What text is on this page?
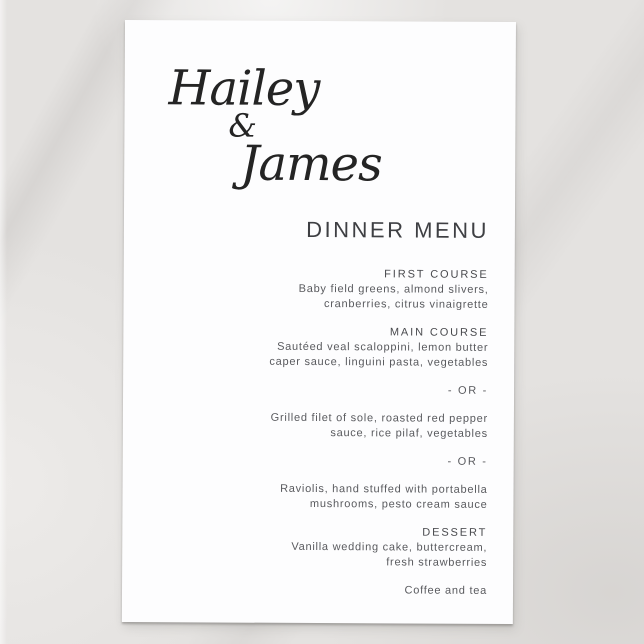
Hailey
&
James
DINNER MENU
FIRST COURSE
Baby field greens, almond slivers,
cranberries, citrus vinaigrette
MAIN COURSE
Sautéed veal scaloppini, lemon butter
caper sauce, linguini pasta, vegetables
- OR -
Grilled filet of sole, roasted red pepper
sauce, rice pilaf, vegetables
- OR -
Raviolis, hand stuffed with portabella
mushrooms, pesto cream sauce
DESSERT
Vanilla wedding cake, buttercream,
fresh strawberries
Coffee and tea
